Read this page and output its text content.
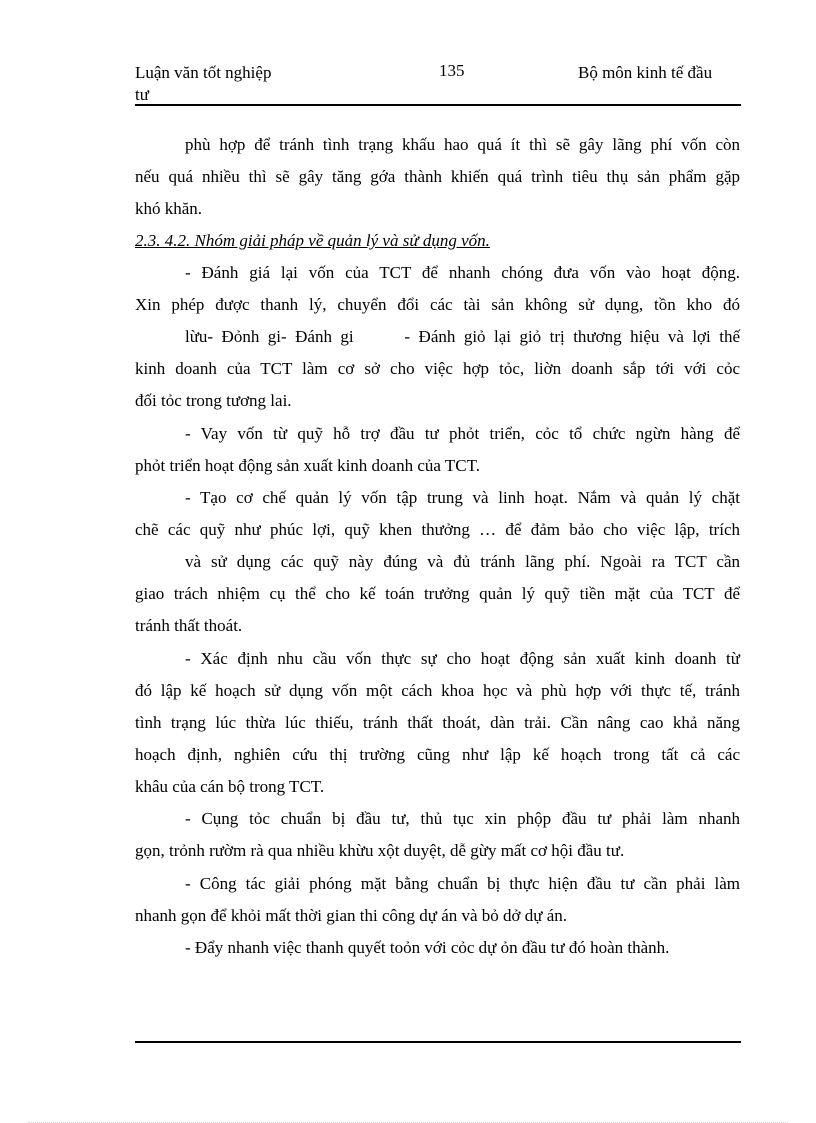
Luận văn tốt nghiệp
tư
135	Bộ môn kinh tế đầu
phù hợp để tránh tình trạng khấu hao quá ít thì sẽ gây lãng phí vốn còn
nếu quá nhiều thì sẽ gây tăng gớa thành khiến quá trình tiêu thụ sản phẩm gặp
khó khăn.
2.3. 4.2. Nhóm giải pháp về quản lý và sử dụng vốn.
- Đánh giá lại vốn của TCT để nhanh chóng đưa vốn vào hoạt động.
Xin phép được thanh lý, chuyển đổi các tài sản không sử dụng, tồn kho đó
lừu- Đỏnh gi- Đánh gi      - Đánh giỏ lại giỏ trị thương hiệu và lợi thế
kinh doanh của TCT làm cơ sở cho việc hợp tỏc, liờn doanh sắp tới với cỏc
đối tỏc trong tương lai.
- Vay vốn từ quỹ hỗ trợ đầu tư phỏt triển, cỏc tổ chức ngừn hàng để
phỏt triển hoạt động sản xuất kinh doanh của TCT.
- Tạo cơ chế quản lý vốn tập trung và linh hoạt. Nắm và quản lý chặt
chẽ các quỹ như phúc lợi, quỹ khen thưởng … để đảm bảo cho việc lập, trích
và sử dụng các quỹ này đúng và đủ tránh lãng phí. Ngoài ra TCT cần
giao trách nhiệm cụ thể cho kế toán trưởng quản lý quỹ tiền mặt của TCT để
tránh thất thoát.
- Xác định nhu cầu vốn thực sự cho hoạt động sản xuất kinh doanh từ
đó lập kế hoạch sử dụng vốn một cách khoa học và phù hợp với thực tế, tránh
tình trạng lúc thừa lúc thiếu, tránh thất thoát, dàn trải. Cần nâng cao khả năng
hoạch định, nghiên cứu thị trường cũng như lập kế hoạch trong tất cả các
khâu của cán bộ trong TCT.
- Cụng tỏc chuẩn bị đầu tư, thủ tục xin phộp đầu tư phải làm nhanh
gọn, trỏnh rườm rà qua nhiều khừu xột duyệt, dễ gừy mất cơ hội đầu tư.
- Công tác giải phóng mặt bằng chuẩn bị thực hiện đầu tư cần phải làm
nhanh gọn để khỏi mất thời gian thi công dự án và bỏ dở dự án.
- Đẩy nhanh việc thanh quyết toỏn với cỏc dự ỏn đầu tư đó hoàn thành.
